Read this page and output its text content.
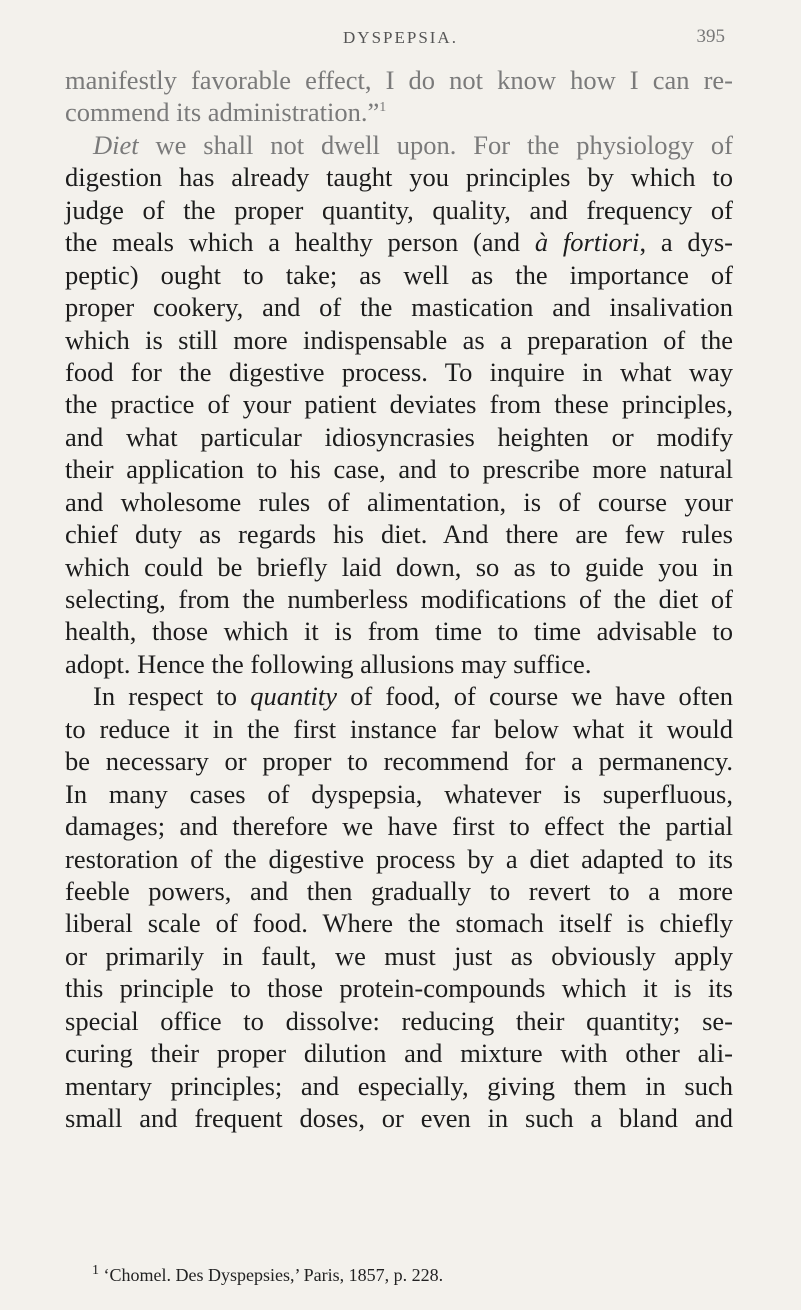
DYSPEPSIA.	395
manifestly favorable effect, I do not know how I can re-
commend its administration.”$^1$
Diet we shall not dwell upon. For the physiology of
digestion has already taught you principles by which to
judge of the proper quantity, quality, and frequency of
the meals which a healthy person (and à fortiori, a dys-
peptic) ought to take; as well as the importance of
proper cookery, and of the mastication and insalivation
which is still more indispensable as a preparation of the
food for the digestive process. To inquire in what way
the practice of your patient deviates from these principles,
and what particular idiosyncrasies heighten or modify
their application to his case, and to prescribe more natural
and wholesome rules of alimentation, is of course your
chief duty as regards his diet. And there are few rules
which could be briefly laid down, so as to guide you in
selecting, from the numberless modifications of the diet of
health, those which it is from time to time advisable to
adopt. Hence the following allusions may suffice.
In respect to quantity of food, of course we have often
to reduce it in the first instance far below what it would
be necessary or proper to recommend for a permanency.
In many cases of dyspepsia, whatever is superfluous,
damages; and therefore we have first to effect the partial
restoration of the digestive process by a diet adapted to its
feeble powers, and then gradually to revert to a more
liberal scale of food. Where the stomach itself is chiefly
or primarily in fault, we must just as obviously apply
this principle to those protein-compounds which it is its
special office to dissolve: reducing their quantity; se-
curing their proper dilution and mixture with other ali-
mentary principles; and especially, giving them in such
small and frequent doses, or even in such a bland and
$^1$ ‘Chomel. Des Dyspepsies,’ Paris, 1857, p. 228.
